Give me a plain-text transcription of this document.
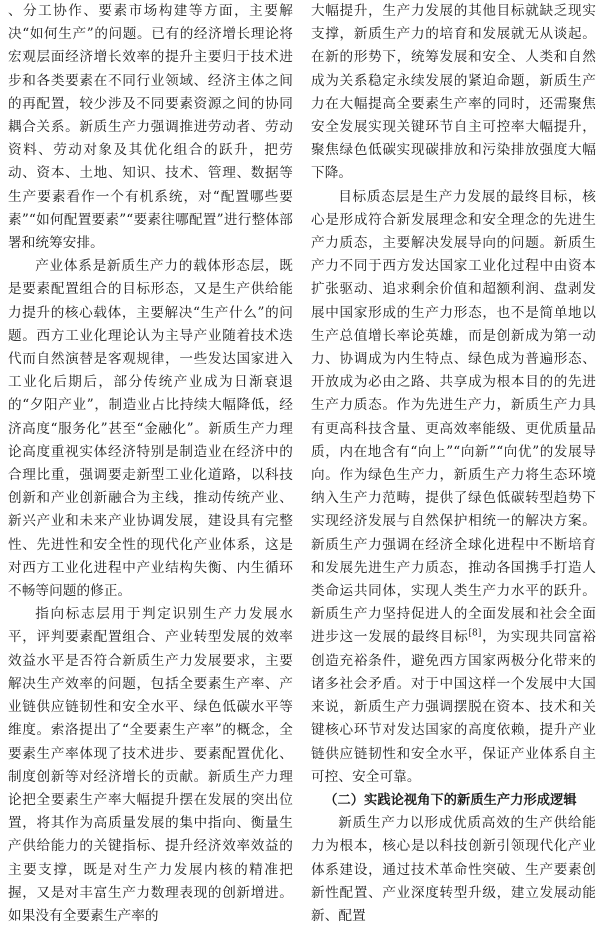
、分工协作、要素市场构建等方面，主要解决“如何生产”的问题。已有的经济增长理论将宏观层面经济增长效率的提升主要归于技术进步和各类要素在不同行业领域、经济主体之间的再配置，较少涉及不同要素资源之间的协同耦合关系。新质生产力强调推进劳动者、劳动资料、劳动对象及其优化组合的跃升，把劳动、资本、土地、知识、技术、管理、数据等生产要素看作一个有机系统，对“配置哪些要素”“如何配置要素”“要素往哪配置”进行整体部署和统筹安排。

产业体系是新质生产力的载体形态层，既是要素配置组合的目标形态，又是生产供给能力提升的核心载体，主要解决“生产什么”的问题。西方工业化理论认为主导产业随着技术迭代而自然演替是客观规律，一些发达国家进入工业化后期后，部分传统产业成为日渐衰退的“夕阳产业”，制造业占比持续大幅降低，经济高度“服务化”甚至“金融化”。新质生产力理论高度重视实体经济特别是制造业在经济中的合理比重，强调要走新型工业化道路，以科技创新和产业创新融合为主线，推动传统产业、新兴产业和未来产业协调发展，建设具有完整性、先进性和安全性的现代化产业体系，这是对西方工业化进程中产业结构失衡、内生循环不畅等问题的修正。

指向标志层用于判定识别生产力发展水平，评判要素配置组合、产业转型发展的效率效益水平是否符合新质生产力发展要求，主要解决生产效率的问题，包括全要素生产率、产业链供应链韧性和安全水平、绿色低碳水平等维度。索洛提出了“全要素生产率”的概念，全要素生产率体现了技术进步、要素配置优化、制度创新等对经济增长的贡献。新质生产力理论把全要素生产率大幅提升摆在发展的突出位置，将其作为高质量发展的集中指向、衡量生产供给能力的关键指标、提升经济效率效益的主要支撑，既是对生产力发展内核的精准把握，又是对丰富生产力数理表现的创新增进。如果没有全要素生产率的

大幅提升，生产力发展的其他目标就缺乏现实支撑，新质生产力的培育和发展就无从谈起。在新的形势下，统筹发展和安全、人类和自然成为关系稳定永续发展的紧迫命题，新质生产力在大幅提高全要素生产率的同时，还需聚焦安全发展实现关键环节自主可控率大幅提升，聚焦绿色低碳实现碳排放和污染排放强度大幅下降。

目标质态层是生产力发展的最终目标，核心是形成符合新发展理念和安全理念的先进生产力质态，主要解决发展导向的问题。新质生产力不同于西方发达国家工业化过程中由资本扩张驱动、追求剩余价值和超额利润、盘剥发展中国家形成的生产力形态，也不是简单地以生产总值增长率论英雄，而是创新成为第一动力、协调成为内生特点、绿色成为普遍形态、开放成为必由之路、共享成为根本目的的先进生产力质态。作为先进生产力，新质生产力具有更高科技含量、更高效率能级、更优质量品质，内在地含有“向上”“向新”“向优”的发展导向。作为绿色生产力，新质生产力将生态环境纳入生产力范畴，提供了绿色低碳转型趋势下实现经济发展与自然保护相统一的解决方案。新质生产力强调在经济全球化进程中不断培育和发展先进生产力质态，推动各国携手打造人类命运共同体，实现人类生产力水平的跃升。新质生产力坚持促进人的全面发展和社会全面进步这一发展的最终目标[8]，为实现共同富裕创造充裕条件，避免西方国家两极分化带来的诸多社会矛盾。对于中国这样一个发展中大国来说，新质生产力强调摆脱在资本、技术和关键核心环节对发达国家的高度依赖，提升产业链供应链韧性和安全水平，保证产业体系自主可控、安全可靠。

（二）实践论视角下的新质生产力形成逻辑

新质生产力以形成优质高效的生产供给能力为根本，核心是以科技创新引领现代化产业体系建设，通过技术革命性突破、生产要素创新性配置、产业深度转型升级，建立发展动能新、配置
